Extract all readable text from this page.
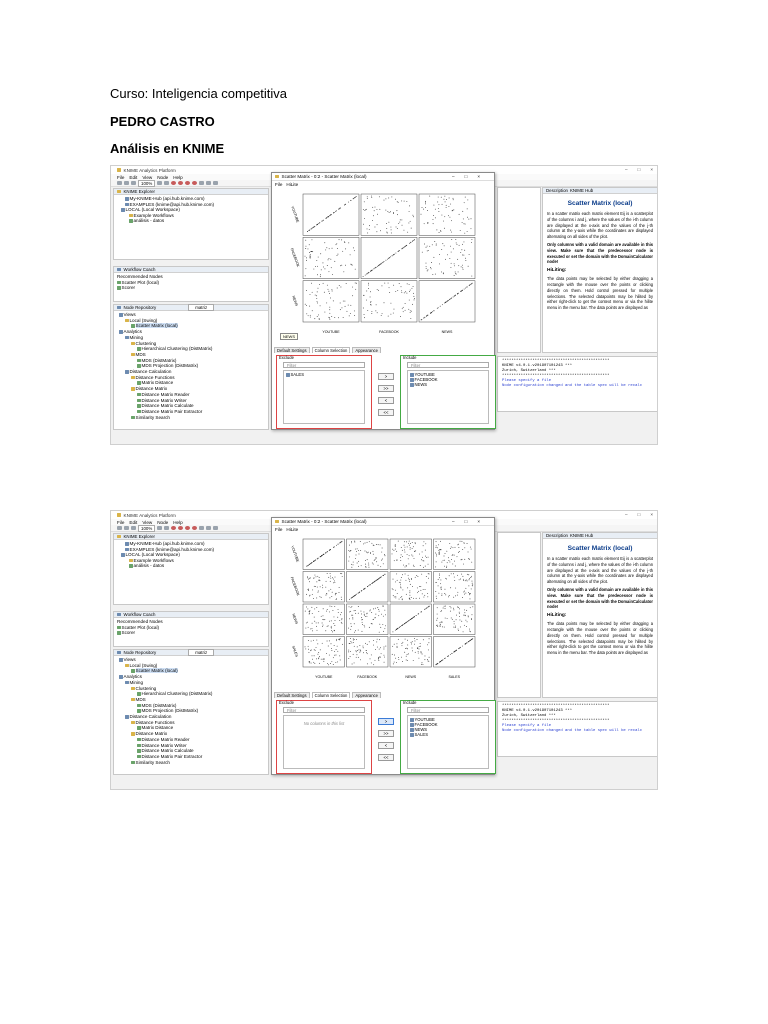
Curso: Inteligencia competitiva
PEDRO CASTRO
Análisis en KNIME
KNIME Analytics Platform	– □ ×
File Edit View Node Help
100%
KNIME Explorer
My-KNIME-Hub (api.hub.knime.com)
EXAMPLES (knime@api.hub.knime.com)
LOCAL (Local Workspace)
Example Workflows
análisis - datos
Workflow Coach
Recommended Nodes
Scatter Plot (local)
Scorer
Node Repository	matriz
Views
Local (Swing)
Scatter Matrix (local)
Analytics
Mining
Clustering
Hierarchical Clustering (DistMatrix)
MDS
MDS (DistMatrix)
MDS Projection (DistMatrix)
Distance Calculation
Distance Functions
Matrix Distance
Distance Matrix
Distance Matrix Reader
Distance Matrix Writer
Distance Matrix Calculate
Distance Matrix Pair Extractor
Similarity Search
Description KNIME Hub
Scatter Matrix (local)

In a scatter matrix each matrix element Eij is a scatterplot of the columns i and j, where the values of the i-th column are displayed at the x-axis and the values of the j-th column at the y-axis while the coordinates are displayed alternating on all sides of the plot.

Only columns with a valid domain are available in this view. Make sure that the predecessor node is executed or set the domain with the DomainCalculator node!

HiLiting:

The data points may be selected by either dragging a rectangle with the mouse over the points or clicking directly on them. Hold control pressed for multiple selections. The selected datapoints may be hilited by either right-click to get the context menu or via the hilite menu in the menu bar. The data points are displayed as

**********************************************
KNIME v4.0.1.v201907101243 ***
Zurich, Switzerland ***
**********************************************
Please specify a file
Node configuration changed and the table spec will be recalc
Scatter Matrix - 0:2 - Scatter Matrix (local)	–□×
File HiLite
YOUTUBE	FACEBOOK	NEWS
YOUTUBE
FACEBOOK
NEWS
NEWS
Default Settings	Column Selection	Appearance
Exclude
Filter
SALES	>
>>
<
<<
Include
Filter
YOUTUBE
FACEBOOK
NEWS
KNIME Analytics Platform	– □ ×
File Edit View Node Help
100%
KNIME Explorer
My-KNIME-Hub (api.hub.knime.com)
EXAMPLES (knime@api.hub.knime.com)
LOCAL (Local Workspace)
Example Workflows
análisis - datos
Workflow Coach
Recommended Nodes
Scatter Plot (local)
Scorer
Node Repository	matriz
Views
Local (Swing)
Scatter Matrix (local)
Analytics
Mining
Clustering
Hierarchical Clustering (DistMatrix)
MDS
MDS (DistMatrix)
MDS Projection (DistMatrix)
Distance Calculation
Distance Functions
Matrix Distance
Distance Matrix
Distance Matrix Reader
Distance Matrix Writer
Distance Matrix Calculate
Distance Matrix Pair Extractor
Similarity Search
Description KNIME Hub
Scatter Matrix (local)

In a scatter matrix each matrix element Eij is a scatterplot of the columns i and j, where the values of the i-th column are displayed at the x-axis and the values of the j-th column at the y-axis while the coordinates are displayed alternating on all sides of the plot.

Only columns with a valid domain are available in this view. Make sure that the predecessor node is executed or set the domain with the DomainCalculator node!

HiLiting:

The data points may be selected by either dragging a rectangle with the mouse over the points or clicking directly on them. Hold control pressed for multiple selections. The selected datapoints may be hilited by either right-click to get the context menu or via the hilite menu in the menu bar. The data points are displayed as

**********************************************
KNIME v4.0.1.v201907101243 ***
Zurich, Switzerland ***
**********************************************
Please specify a file
Node configuration changed and the table spec will be recalc
Scatter Matrix - 0:2 - Scatter Matrix (local)	–□×
File HiLite
YOUTUBE	FACEBOOK	NEWS	SALES
YOUTUBE
FACEBOOK
NEWS
SALES
Default Settings	Column Selection	Appearance
Exclude
Filter
No columns in this list	>
>>
<
<<
Include
Filter
YOUTUBE
FACEBOOK
NEWS
SALES
